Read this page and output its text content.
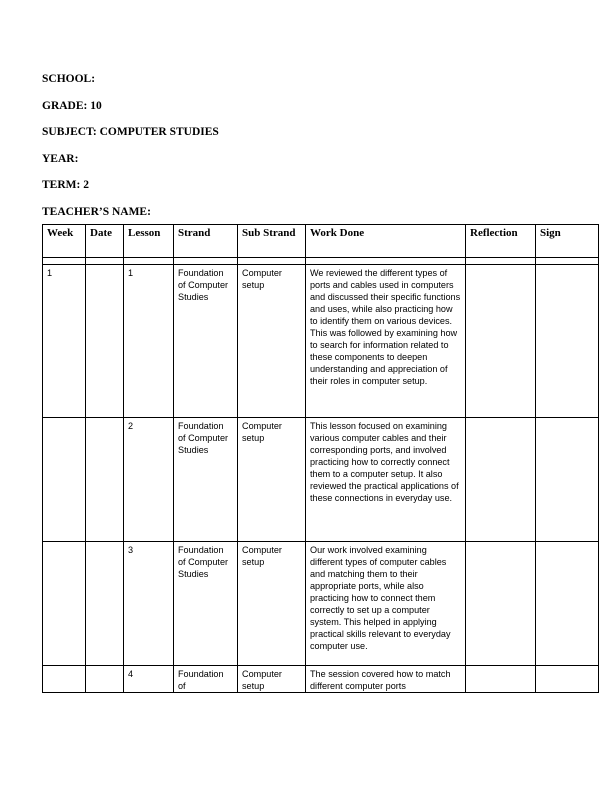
SCHOOL:
GRADE: 10
SUBJECT: COMPUTER STUDIES
YEAR:
TERM: 2
TEACHER’S NAME:
Week	Date	Lesson	Strand	Sub Strand	Work Done	Reflection	Sign

1		1	Foundation of Computer Studies	Computer setup	We reviewed the different types of ports and cables used in computers and discussed their specific functions and uses, while also practicing how to identify them on various devices. This was followed by examining how to search for information related to these components to deepen understanding and appreciation of their roles in computer setup.		
		2	Foundation of Computer Studies	Computer setup	This lesson focused on examining various computer cables and their corresponding ports, and involved practicing how to correctly connect them to a computer setup. It also reviewed the practical applications of these connections in everyday use.		
		3	Foundation of Computer Studies	Computer setup	Our work involved examining different types of computer cables and matching them to their appropriate ports, while also practicing how to connect them correctly to set up a computer system. This helped in applying practical skills relevant to everyday computer use.		
		4	Foundation of	Computer setup	The session covered how to match different computer ports		
